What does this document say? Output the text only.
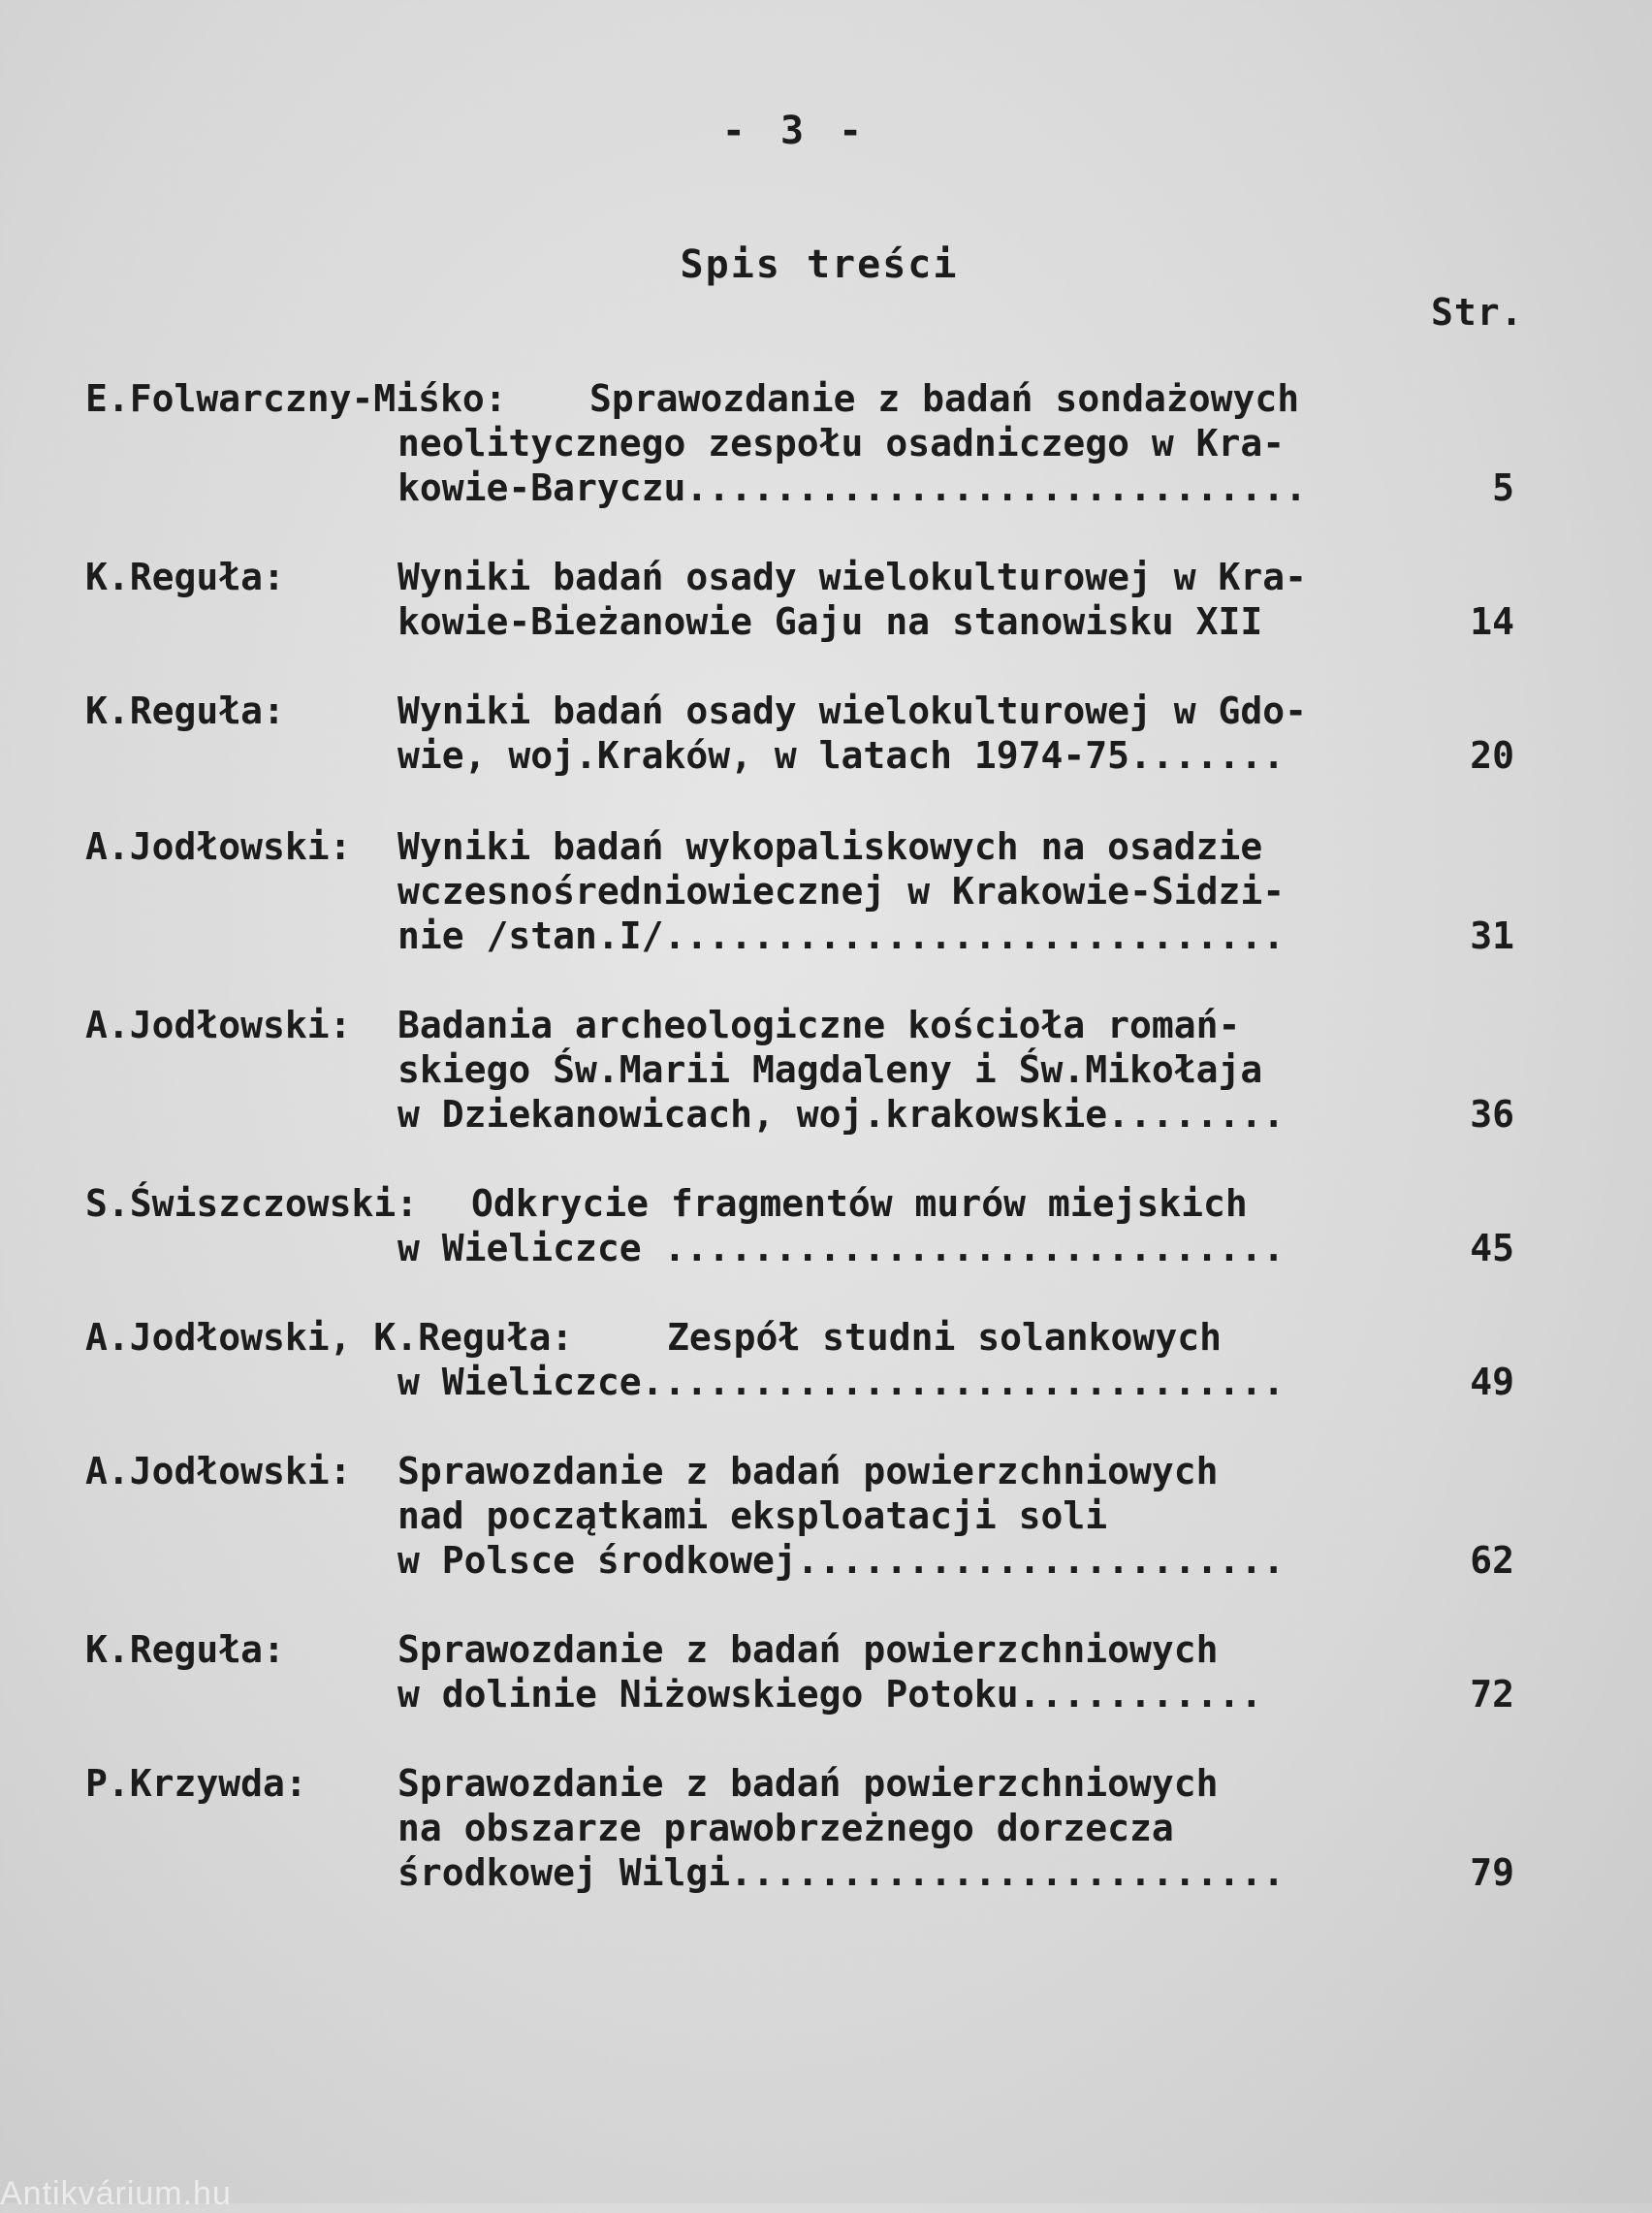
- 3 -
Spis treści
Str.
E.Folwarczny-Miśko: Sprawozdanie z badań sondażowych
neolitycznego zespołu osadniczego w Kra-
kowie-Baryczu............................	5
K.Reguła:	Wyniki badań osady wielokulturowej w Kra-
kowie-Bieżanowie Gaju na stanowisku XII	14
K.Reguła:	Wyniki badań osady wielokulturowej w Gdo-
wie, woj.Kraków, w latach 1974-75.......	20
A.Jodłowski: Wyniki badań wykopaliskowych na osadzie
wczesnośredniowiecznej w Krakowie-Sidzi-
nie /stan.I/............................	31
A.Jodłowski: Badania archeologiczne kościoła romań-
skiego Św.Marii Magdaleny i Św.Mikołaja
w Dziekanowicach, woj.krakowskie........	36
S.Świszczowski: Odkrycie fragmentów murów miejskich
w Wieliczce ............................	45
A.Jodłowski, K.Reguła:	Zespół studni solankowych
w Wieliczce.............................	49
A.Jodłowski: Sprawozdanie z badań powierzchniowych
nad początkami eksploatacji soli
w Polsce środkowej......................	62
K.Reguła:	Sprawozdanie z badań powierzchniowych
w dolinie Niżowskiego Potoku...........	72
P.Krzywda: Sprawozdanie z badań powierzchniowych
na obszarze prawobrzeżnego dorzecza
środkowej Wilgi.........................	79
Antikvárium.hu
